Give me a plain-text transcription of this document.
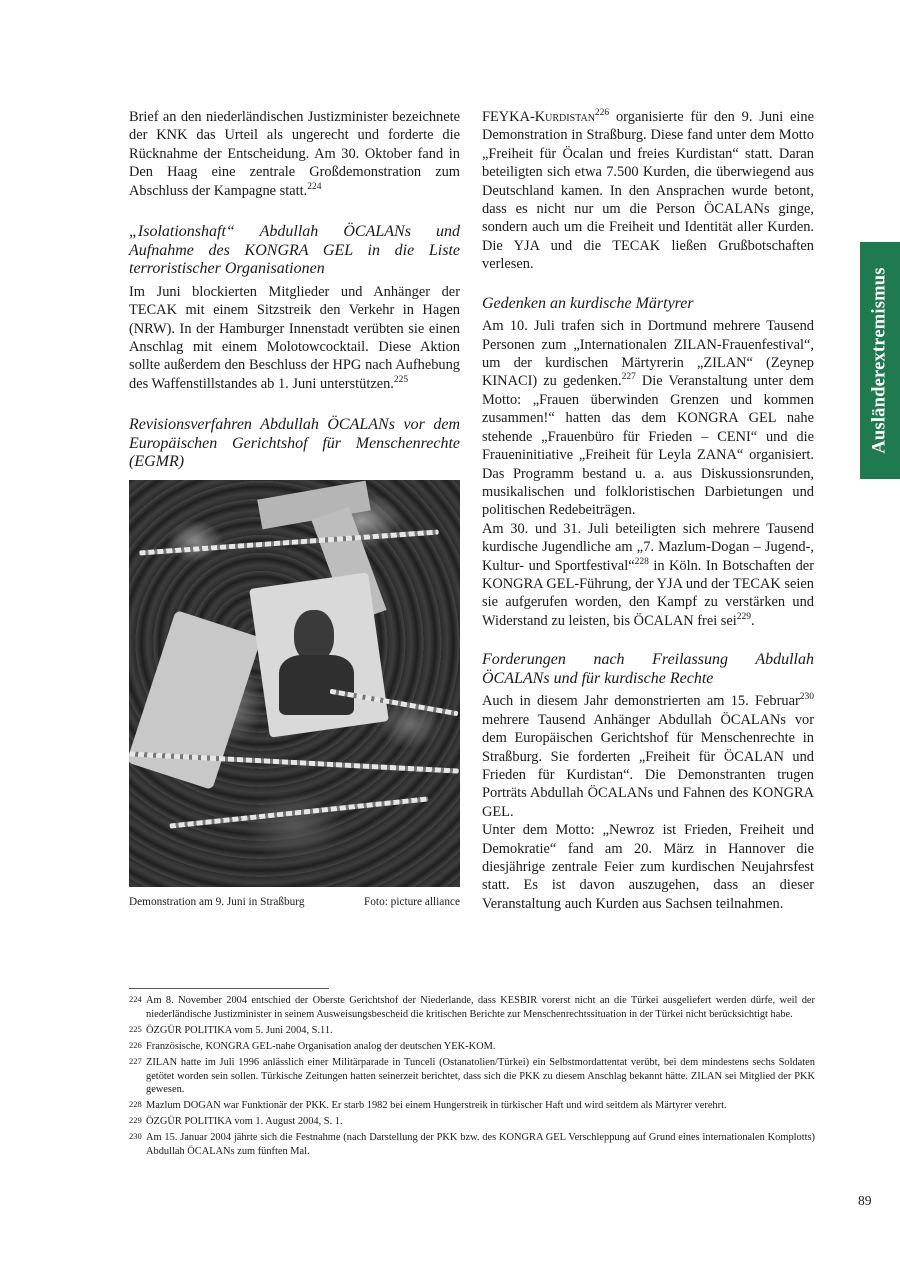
Brief an den niederländischen Justizminister bezeichnete der KNK das Urteil als ungerecht und forderte die Rücknahme der Entscheidung. Am 30. Oktober fand in Den Haag eine zentrale Großdemonstration zum Abschluss der Kampagne statt.$^{224}$

„Isolationshaft“ Abdullah ÖCALANs und Aufnahme des KONGRA GEL in die Liste terroristischer Organisationen

Im Juni blockierten Mitglieder und Anhänger der TECAK mit einem Sitzstreik den Verkehr in Hagen (NRW). In der Hamburger Innenstadt verübten sie einen Anschlag mit einem Molotowcocktail. Diese Aktion sollte außerdem den Beschluss der HPG nach Aufhebung des Waffenstillstandes ab 1. Juni unterstützen.$^{225}$

Revisionsverfahren Abdullah ÖCALANs vor dem Europäischen Gerichtshof für Menschenrechte (EGMR)
Demonstration am 9. Juni in Straßburg	Foto: picture alliance

FEYKA-Kurdistan$^{226}$ organisierte für den 9. Juni eine Demonstration in Straßburg. Diese fand unter dem Motto „Freiheit für Öcalan und freies Kurdistan“ statt. Daran beteiligten sich etwa 7.500 Kurden, die überwiegend aus Deutschland kamen. In den Ansprachen wurde betont, dass es nicht nur um die Person ÖCALANs ginge, sondern auch um die Freiheit und Identität aller Kurden. Die YJA und die TECAK ließen Grußbotschaften verlesen.

Gedenken an kurdische Märtyrer

Am 10. Juli trafen sich in Dortmund mehrere Tausend Personen zum „Internationalen ZILAN-Frauenfestival“, um der kurdischen Märtyrerin „ZILAN“ (Zeynep KINACI) zu gedenken.$^{227}$ Die Veranstaltung unter dem Motto: „Frauen überwinden Grenzen und kommen zusammen!“ hatten das dem KONGRA GEL nahe stehende „Frauenbüro für Frieden – CENI“ und die Fraueninitiative „Freiheit für Leyla ZANA“ organisiert. Das Programm bestand u. a. aus Diskussionsrunden, musikalischen und folkloristischen Darbietungen und politischen Redebeiträgen.

Am 30. und 31. Juli beteiligten sich mehrere Tausend kurdische Jugendliche am „7. Mazlum-Dogan – Jugend-, Kultur- und Sportfestival“$^{228}$ in Köln. In Botschaften der KONGRA GEL-Führung, der YJA und der TECAK seien sie aufgerufen worden, den Kampf zu verstärken und Widerstand zu leisten, bis ÖCALAN frei sei$^{229}$.

Forderungen nach Freilassung Abdullah ÖCALANs und für kurdische Rechte

Auch in diesem Jahr demonstrierten am 15. Februar$^{230}$ mehrere Tausend Anhänger Abdullah ÖCALANs vor dem Europäischen Gerichtshof für Menschenrechte in Straßburg. Sie forderten „Freiheit für ÖCALAN und Frieden für Kurdistan“. Die Demonstranten trugen Porträts Abdullah ÖCALANs und Fahnen des KONGRA GEL.

Unter dem Motto: „Newroz ist Frieden, Freiheit und Demokratie“ fand am 20. März in Hannover die diesjährige zentrale Feier zum kurdischen Neujahrsfest statt. Es ist davon auszugehen, dass an dieser Veranstaltung auch Kurden aus Sachsen teilnahmen.

Ausländerextremismus
224 Am 8. November 2004 entschied der Oberste Gerichtshof der Niederlande, dass KESBIR vorerst nicht an die Türkei ausgeliefert werden dürfe, weil der niederländische Justizminister in seinem Ausweisungsbescheid die kritischen Berichte zur Menschenrechtssituation in der Türkei nicht berücksichtigt habe.
225 ÖZGÜR POLITIKA vom 5. Juni 2004, S.11.
226 Französische, KONGRA GEL-nahe Organisation analog der deutschen YEK-KOM.
227 ZILAN hatte im Juli 1996 anlässlich einer Militärparade in Tunceli (Ostanatolien/Türkei) ein Selbstmordattentat verübt, bei dem mindestens sechs Soldaten getötet worden sein sollen. Türkische Zeitungen hatten seinerzeit berichtet, dass sich die PKK zu diesem Anschlag bekannt hätte. ZILAN sei Mitglied der PKK gewesen.
228 Mazlum DOGAN war Funktionär der PKK. Er starb 1982 bei einem Hungerstreik in türkischer Haft und wird seitdem als Märtyrer verehrt.
229 ÖZGÜR POLITIKA vom 1. August 2004, S. 1.
230 Am 15. Januar 2004 jährte sich die Festnahme (nach Darstellung der PKK bzw. des KONGRA GEL Verschleppung auf Grund eines internationalen Komplotts) Abdullah ÖCALANs zum fünften Mal.
89
